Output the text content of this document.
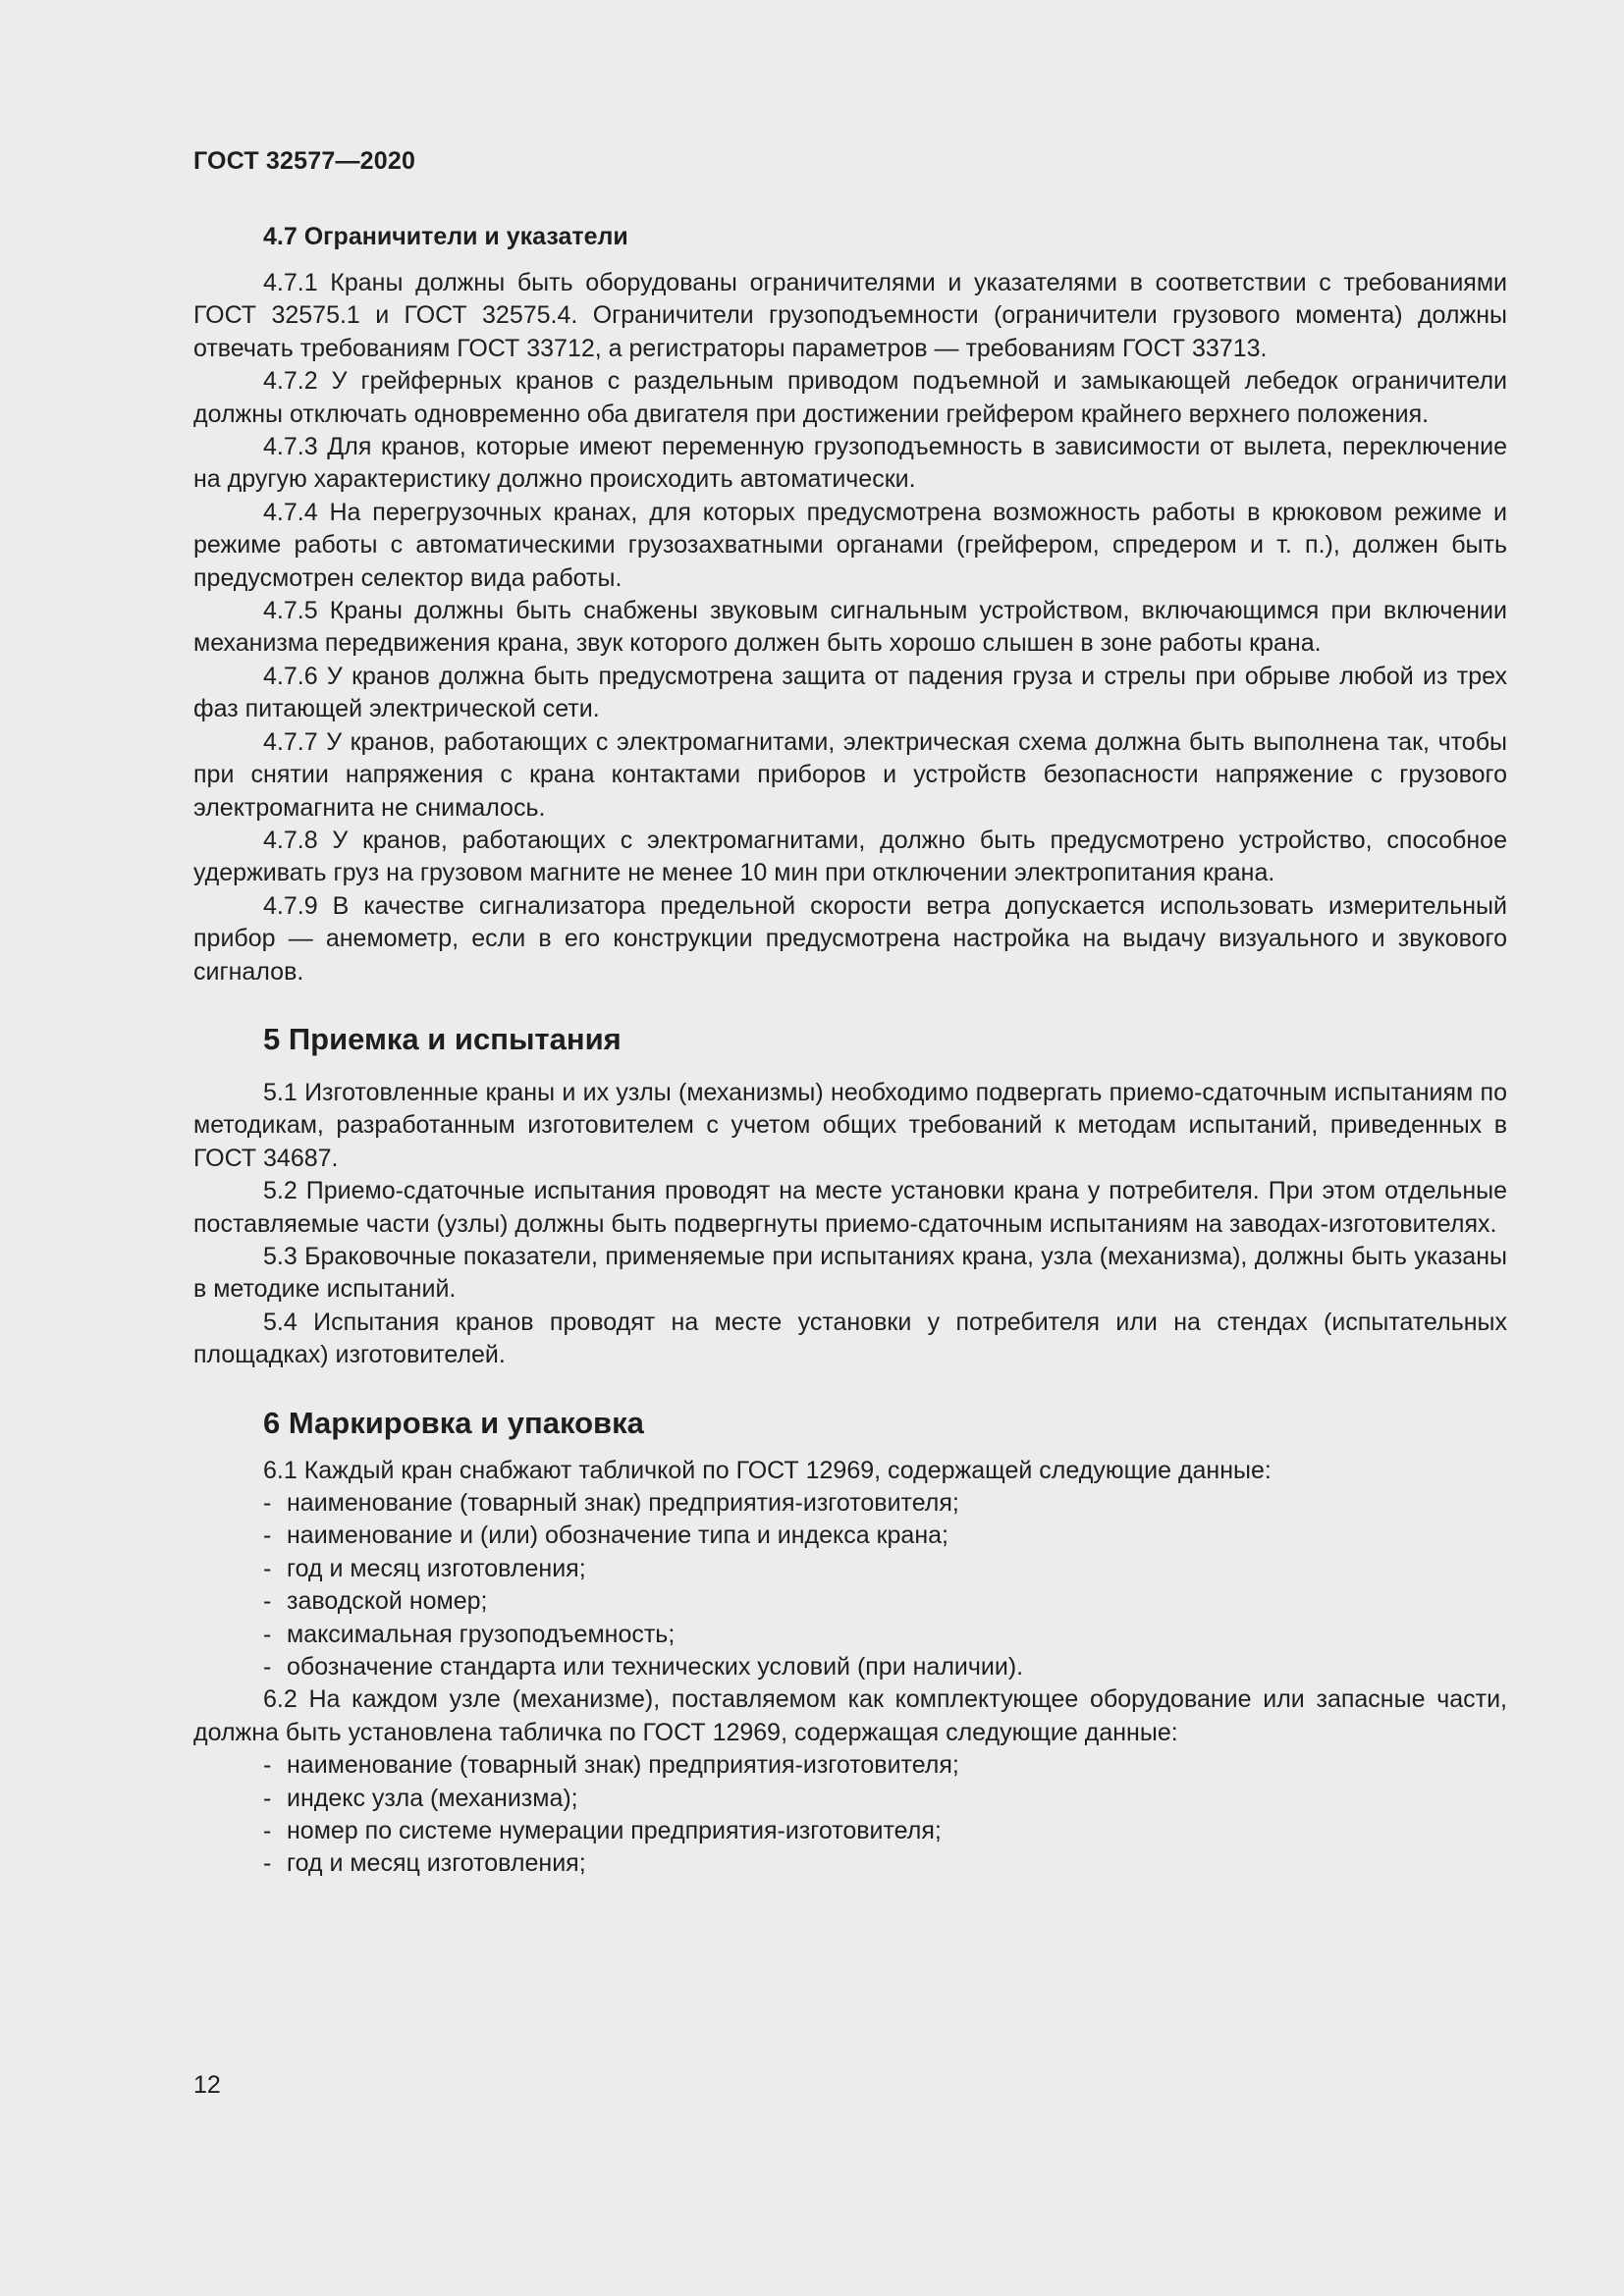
ГОСТ 32577—2020
4.7 Ограничители и указатели

4.7.1 Краны должны быть оборудованы ограничителями и указателями в соответствии с требованиями ГОСТ 32575.1 и ГОСТ 32575.4. Ограничители грузоподъемности (ограничители грузового момента) должны отвечать требованиям ГОСТ 33712, а регистраторы параметров — требованиям ГОСТ 33713.

4.7.2 У грейферных кранов с раздельным приводом подъемной и замыкающей лебедок ограничители должны отключать одновременно оба двигателя при достижении грейфером крайнего верхнего положения.

4.7.3 Для кранов, которые имеют переменную грузоподъемность в зависимости от вылета, переключение на другую характеристику должно происходить автоматически.

4.7.4 На перегрузочных кранах, для которых предусмотрена возможность работы в крюковом режиме и режиме работы с автоматическими грузозахватными органами (грейфером, спредером и т. п.), должен быть предусмотрен селектор вида работы.

4.7.5 Краны должны быть снабжены звуковым сигнальным устройством, включающимся при включении механизма передвижения крана, звук которого должен быть хорошо слышен в зоне работы крана.

4.7.6 У кранов должна быть предусмотрена защита от падения груза и стрелы при обрыве любой из трех фаз питающей электрической сети.

4.7.7 У кранов, работающих с электромагнитами, электрическая схема должна быть выполнена так, чтобы при снятии напряжения с крана контактами приборов и устройств безопасности напряжение с грузового электромагнита не снималось.

4.7.8 У кранов, работающих с электромагнитами, должно быть предусмотрено устройство, способное удерживать груз на грузовом магните не менее 10 мин при отключении электропитания крана.

4.7.9 В качестве сигнализатора предельной скорости ветра допускается использовать измерительный прибор — анемометр, если в его конструкции предусмотрена настройка на выдачу визуального и звукового сигналов.

5 Приемка и испытания

5.1 Изготовленные краны и их узлы (механизмы) необходимо подвергать приемо-сдаточным испытаниям по методикам, разработанным изготовителем с учетом общих требований к методам испытаний, приведенных в ГОСТ 34687.

5.2 Приемо-сдаточные испытания проводят на месте установки крана у потребителя. При этом отдельные поставляемые части (узлы) должны быть подвергнуты приемо-сдаточным испытаниям на заводах-изготовителях.

5.3 Браковочные показатели, применяемые при испытаниях крана, узла (механизма), должны быть указаны в методике испытаний.

5.4 Испытания кранов проводят на месте установки у потребителя или на стендах (испытательных площадках) изготовителей.

6 Маркировка и упаковка

6.1 Каждый кран снабжают табличкой по ГОСТ 12969, содержащей следующие данные:

- наименование (товарный знак) предприятия-изготовителя;
- наименование и (или) обозначение типа и индекса крана;
- год и месяц изготовления;
- заводской номер;
- максимальная грузоподъемность;
- обозначение стандарта или технических условий (при наличии).

6.2 На каждом узле (механизме), поставляемом как комплектующее оборудование или запасные части, должна быть установлена табличка по ГОСТ 12969, содержащая следующие данные:

- наименование (товарный знак) предприятия-изготовителя;
- индекс узла (механизма);
- номер по системе нумерации предприятия-изготовителя;
- год и месяц изготовления;
12
